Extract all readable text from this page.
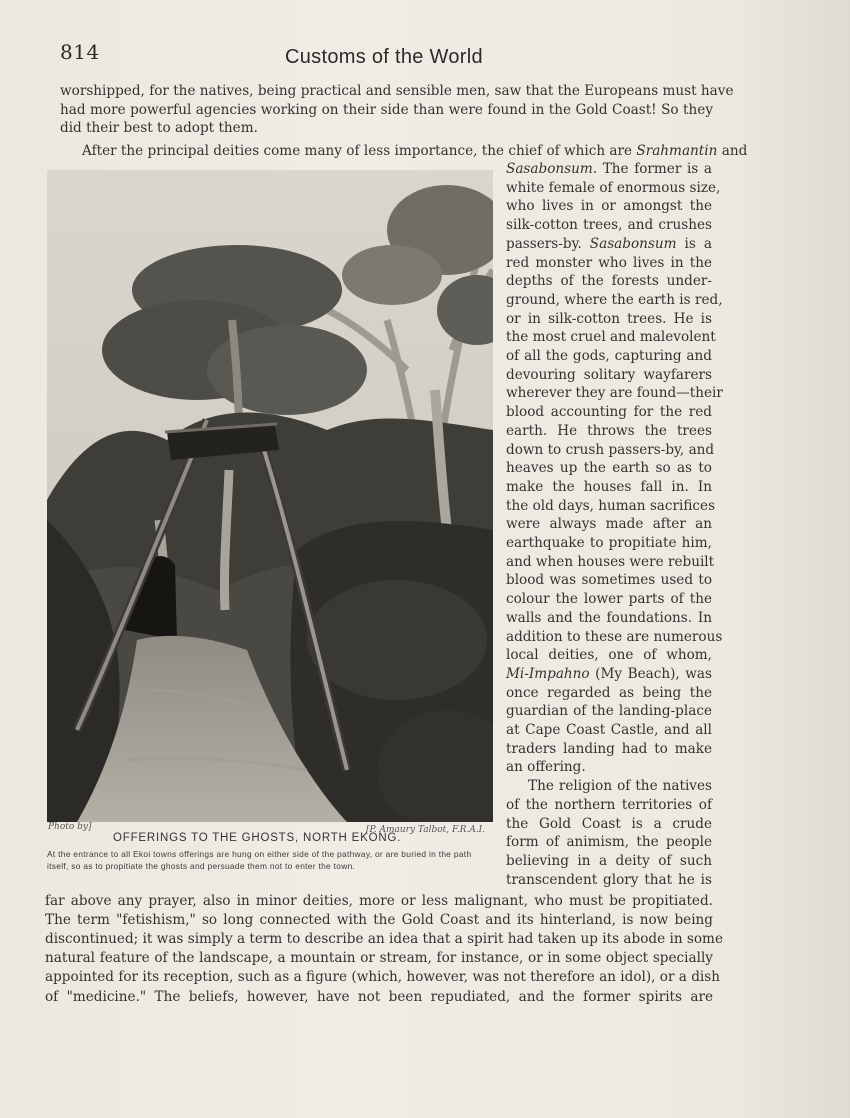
814	Customs of the World
worshipped, for the natives, being practical and sensible men, saw that the Europeans must have
had more powerful agencies working on their side than were found in the Gold Coast! So they
did their best to adopt them.
After the principal deities come many of less importance, the chief of which are Srahmantin and
Sasabonsum. The former is a
white female of enormous size,
who lives in or amongst the
silk-cotton trees, and crushes
passers-by. Sasabonsum is a
red monster who lives in the
depths of the forests under-
ground, where the earth is red,
or in silk-cotton trees. He is
the most cruel and malevolent
of all the gods, capturing and
devouring solitary wayfarers
wherever they are found—their
blood accounting for the red
earth. He throws the trees
down to crush passers-by, and
heaves up the earth so as to
make the houses fall in. In
the old days, human sacrifices
were always made after an
earthquake to propitiate him,
and when houses were rebuilt
blood was sometimes used to
colour the lower parts of the
walls and the foundations. In
addition to these are numerous
local deities, one of whom,
Mi-Impahno (My Beach), was
once regarded as being the
guardian of the landing-place
at Cape Coast Castle, and all
traders landing had to make
an offering.
The religion of the natives
of the northern territories of
the Gold Coast is a crude
form of animism, the people
believing in a deity of such
transcendent glory that he is
Photo by]	[P. Amaury Talbot, F.R.A.I.
OFFERINGS TO THE GHOSTS, NORTH EKONG.
At the entrance to all Ekoi towns offerings are hung on either side of the pathway, or are buried in the path itself, so as to propitiate the ghosts and persuade them not to enter the town.
far above any prayer, also in minor deities, more or less malignant, who must be propitiated.
The term "fetishism," so long connected with the Gold Coast and its hinterland, is now being
discontinued; it was simply a term to describe an idea that a spirit had taken up its abode in some
natural feature of the landscape, a mountain or stream, for instance, or in some object specially
appointed for its reception, such as a figure (which, however, was not therefore an idol), or a dish
of "medicine." The beliefs, however, have not been repudiated, and the former spirits are
